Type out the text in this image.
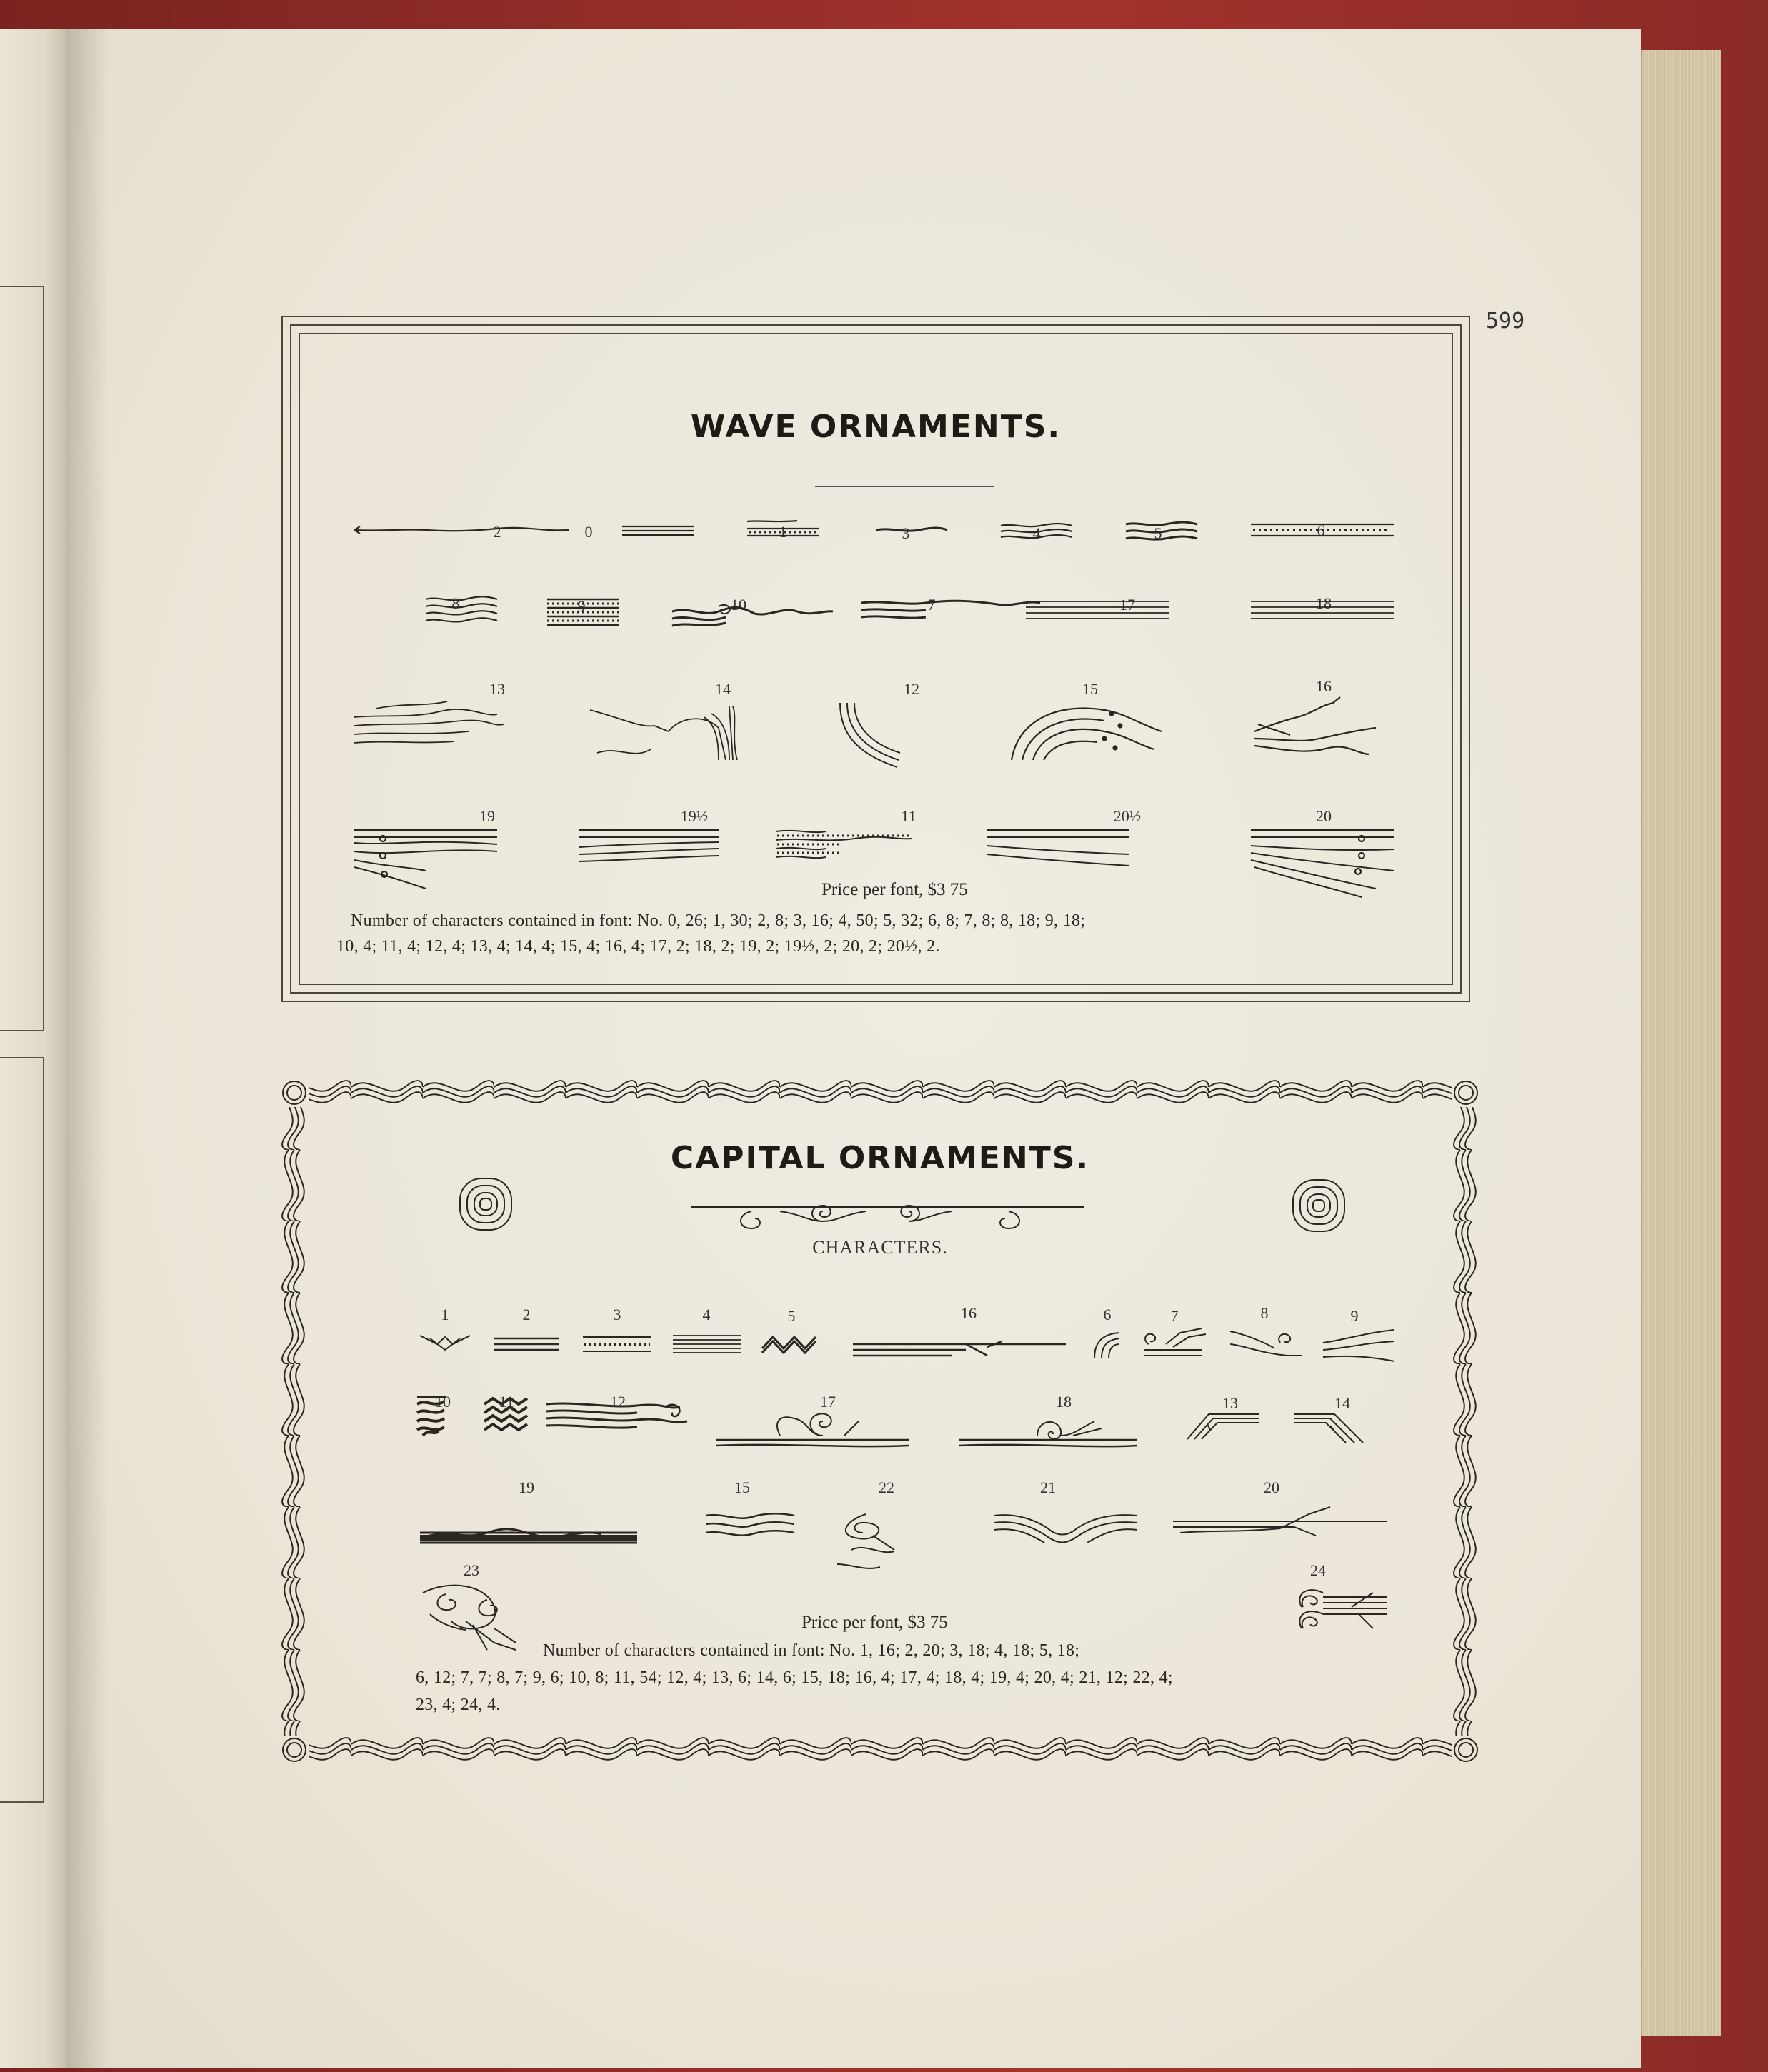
599
WAVE ORNAMENTS.
2	0	1	3	4	5	6
8	9	10	7	17	18
13	14	12	15	16
19	19½	11	20½	20
Price per font, $3 75
Number of characters contained in font: No. 0, 26; 1, 30; 2, 8; 3, 16; 4, 50; 5, 32; 6, 8; 7, 8; 8, 18; 9, 18;
10, 4; 11, 4; 12, 4; 13, 4; 14, 4; 15, 4; 16, 4; 17, 2; 18, 2; 19, 2; 19½, 2; 20, 2; 20½, 2.
CAPITAL ORNAMENTS.
CHARACTERS.
1	2	3	4	5	16	6	7	8	9
10	11	12	17	18	13	14
19	15	22	21	20
23	24
Price per font, $3 75
Number of characters contained in font: No. 1, 16; 2, 20; 3, 18; 4, 18; 5, 18;
6, 12; 7, 7; 8, 7; 9, 6; 10, 8; 11, 54; 12, 4; 13, 6; 14, 6; 15, 18; 16, 4; 17, 4; 18, 4; 19, 4; 20, 4; 21, 12; 22, 4;
23, 4; 24, 4.
